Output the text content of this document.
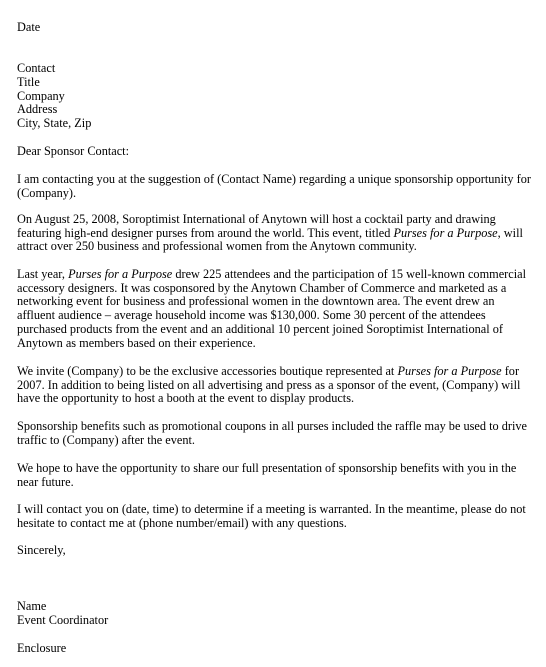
Date
Contact
Title
Company
Address
City, State, Zip
Dear Sponsor Contact:
I am contacting you at the suggestion of (Contact Name) regarding a unique sponsorship opportunity for
(Company).
On August 25, 2008, Soroptimist International of Anytown will host a cocktail party and drawing
featuring high-end designer purses from around the world. This event, titled Purses for a Purpose, will
attract over 250 business and professional women from the Anytown community.
Last year, Purses for a Purpose drew 225 attendees and the participation of 15 well-known commercial
accessory designers. It was cosponsored by the Anytown Chamber of Commerce and marketed as a
networking event for business and professional women in the downtown area. The event drew an
affluent audience – average household income was $130,000. Some 30 percent of the attendees
purchased products from the event and an additional 10 percent joined Soroptimist International of
Anytown as members based on their experience.
We invite (Company) to be the exclusive accessories boutique represented at Purses for a Purpose for
2007. In addition to being listed on all advertising and press as a sponsor of the event, (Company) will
have the opportunity to host a booth at the event to display products.
Sponsorship benefits such as promotional coupons in all purses included the raffle may be used to drive
traffic to (Company) after the event.
We hope to have the opportunity to share our full presentation of sponsorship benefits with you in the
near future.
I will contact you on (date, time) to determine if a meeting is warranted. In the meantime, please do not
hesitate to contact me at (phone number/email) with any questions.
Sincerely,
Name
Event Coordinator
Enclosure
